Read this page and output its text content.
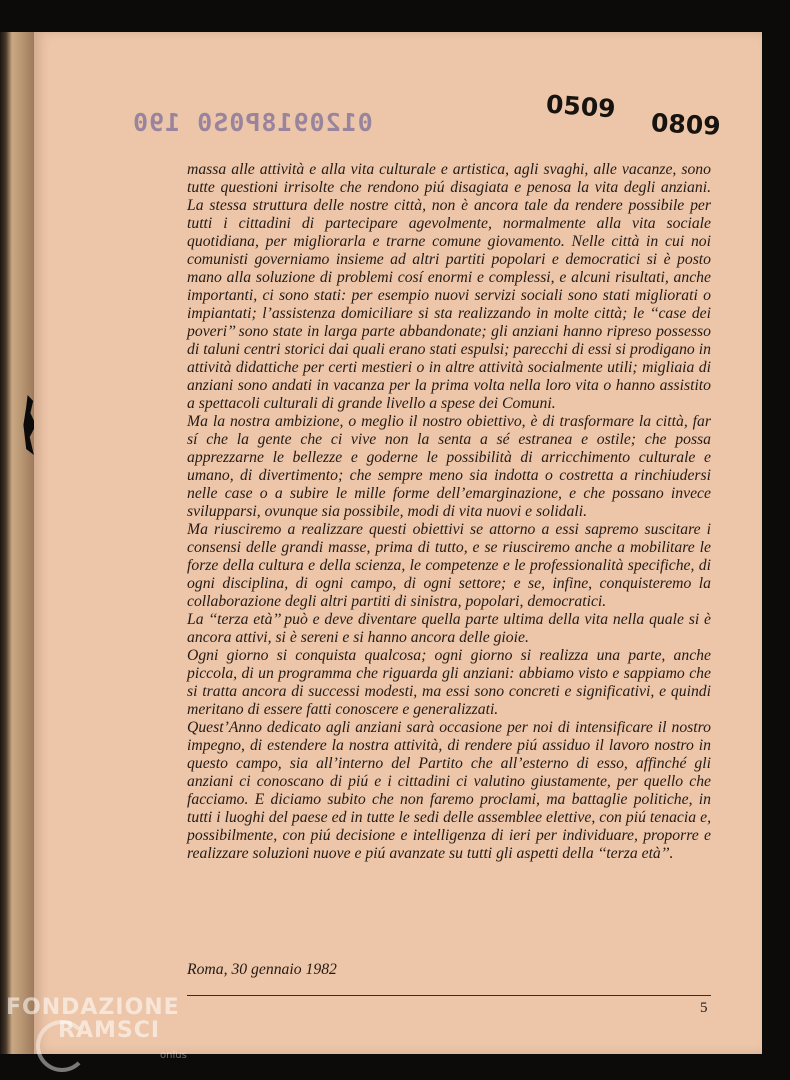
0120918P0S0 190	0509
0809

massa alle attività e alla vita culturale e artistica, agli svaghi, alle vacanze, sono tutte questioni irrisolte che rendono piú disagiata e penosa la vita degli anziani. La stessa struttura delle nostre città, non è ancora tale da rendere possibile per tutti i cittadini di partecipare agevolmente, normalmente alla vita sociale quotidiana, per migliorarla e trarne comune giovamento. Nelle città in cui noi comunisti governiamo insieme ad altri partiti popolari e democratici si è posto mano alla soluzione di problemi cosí enormi e complessi, e alcuni risultati, anche importanti, ci sono stati: per esempio nuovi servizi sociali sono stati migliorati o impiantati; l’assistenza domiciliare si sta realizzando in molte città; le ‘‘case dei poveri’’ sono state in larga parte abbandonate; gli anziani hanno ripreso possesso di taluni centri storici dai quali erano stati espulsi; parecchi di essi si prodigano in attività didattiche per certi mestieri o in altre attività socialmente utili; migliaia di anziani sono andati in vacanza per la prima volta nella loro vita o hanno assistito a spettacoli culturali di grande livello a spese dei Comuni.

Ma la nostra ambizione, o meglio il nostro obiettivo, è di trasformare la città, far sí che la gente che ci vive non la senta a sé estranea e ostile; che possa apprezzarne le bellezze e goderne le possibilità di arricchimento culturale e umano, di divertimento; che sempre meno sia indotta o costretta a rinchiudersi nelle case o a subire le mille forme dell’emarginazione, e che possano invece svilupparsi, ovunque sia possibile, modi di vita nuovi e solidali.

Ma riusciremo a realizzare questi obiettivi se attorno a essi sapremo suscitare i consensi delle grandi masse, prima di tutto, e se riusciremo anche a mobilitare le forze della cultura e della scienza, le competenze e le professionalità specifiche, di ogni disciplina, di ogni campo, di ogni settore; e se, infine, conquisteremo la collaborazione degli altri partiti di sinistra, popolari, democratici.

La ‘‘terza età’’ può e deve diventare quella parte ultima della vita nella quale si è ancora attivi, si è sereni e si hanno ancora delle gioie.

Ogni giorno si conquista qualcosa; ogni giorno si realizza una parte, anche piccola, di un programma che riguarda gli anziani: abbiamo visto e sappiamo che si tratta ancora di successi modesti, ma essi sono concreti e significativi, e quindi meritano di essere fatti conoscere e generalizzati.

Quest’Anno dedicato agli anziani sarà occasione per noi di intensificare il nostro impegno, di estendere la nostra attività, di rendere piú assiduo il lavoro nostro in questo campo, sia all’interno del Partito che all’esterno di esso, affinché gli anziani ci conoscano di piú e i cittadini ci valutino giustamente, per quello che facciamo. E diciamo subito che non faremo proclami, ma battaglie politiche, in tutti i luoghi del paese ed in tutte le sedi delle assemblee elettive, con piú tenacia e, possibilmente, con piú decisione e intelligenza di ieri per individuare, proporre e realizzare soluzioni nuove e piú avanzate su tutti gli aspetti della ‘‘terza età’’.

Roma, 30 gennaio 1982
5
FONDAZIONE
RAMSCI
onlus
